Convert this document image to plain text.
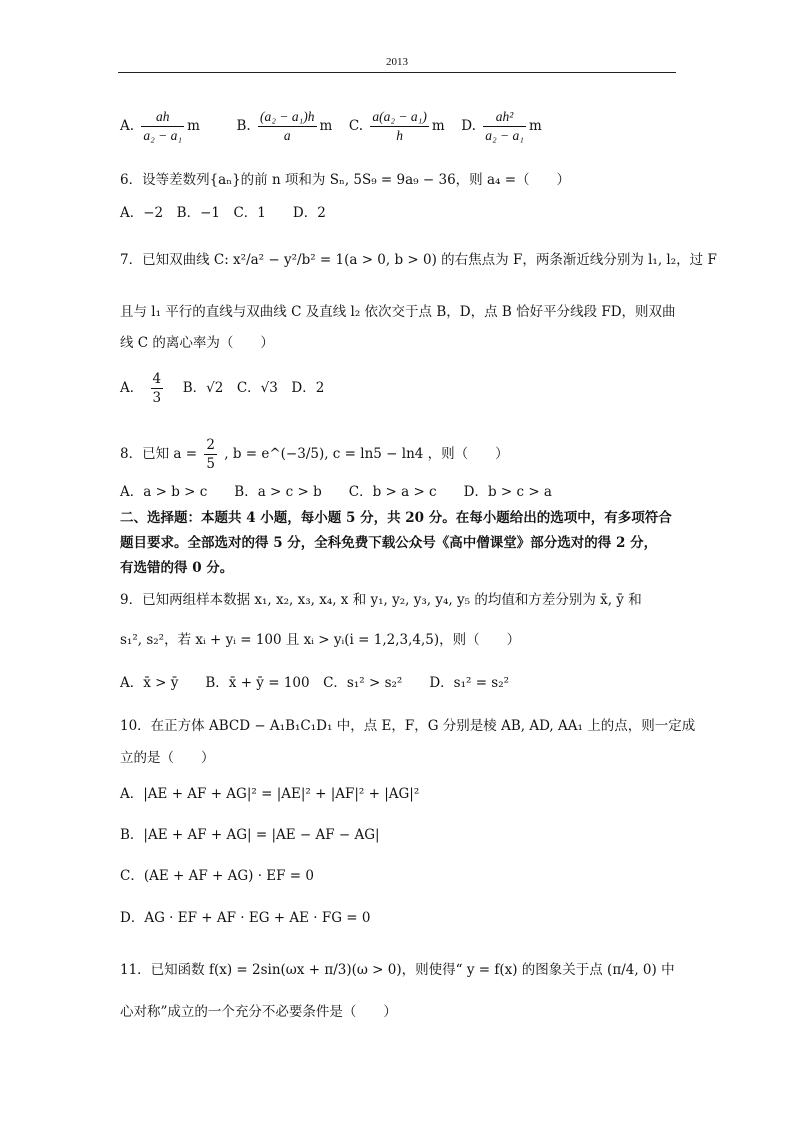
2013
A. $\frac{ah}{\text{a₂ − a₁}}$ m	B. $\frac{\text{(a₂ − a₁)h}}{a}$ m C. $\frac{\text{a(a₂ − a₁)}}{h}$ m D. $\frac{\text{ah²}}{\text{a₂ − a₁}}$ m
6．设等差数列{aₙ}的前 n 项和为 Sₙ, 5S₉ = 9a₉ − 36，则 a₄ =（　　）
A．−2　B．−1　C．1　　D．2
7．已知双曲线 C: x²/a² − y²/b² = 1(a > 0, b > 0) 的右焦点为 F，两条渐近线分别为 l₁, l₂，过 F
且与 l₁ 平行的直线与双曲线 C 及直线 l₂ 依次交于点 B，D，点 B 恰好平分线段 FD，则双曲
线 C 的离心率为（　　）
A． $\frac{4}{3}$ B．√2　C．√3　D．2
8．已知 $a = \frac{2}{5}$ , b = e^(−3/5), c = ln5 − ln4 ，则（　　）
A．a > b > c　　B．a > c > b　　C．b > a > c　　D．b > c > a
二、选择题：本题共 4 小题，每小题 5 分，共 20 分。在每小题给出的选项中，有多项符合
题目要求。全部选对的得 5 分，全科免费下载公众号《高中僧课堂》部分选对的得 2 分，
有选错的得 0 分。
9．已知两组样本数据 x₁, x₂, x₃, x₄, x 和 y₁, y₂, y₃, y₄, y₅ 的均值和方差分别为 x̄, ȳ 和
s₁², s₂²，若 xᵢ + yᵢ = 100 且 xᵢ > yᵢ(i = 1,2,3,4,5)，则（　　）
A．x̄ > ȳ　　B．x̄ + ȳ = 100　C．s₁² > s₂²　　D．s₁² = s₂²
10．在正方体 ABCD − A₁B₁C₁D₁ 中，点 E，F，G 分别是棱 AB, AD, AA₁ 上的点，则一定成
立的是（　　）
A．|AE + AF + AG|² = |AE|² + |AF|² + |AG|²
B．|AE + AF + AG| = |AE − AF − AG|
C．(AE + AF + AG) · EF = 0
D．AG · EF + AF · EG + AE · FG = 0
11．已知函数 f(x) = 2sin(ωx + π/3)(ω > 0)，则使得“ y = f(x) 的图象关于点 (π/4, 0) 中
心对称”成立的一个充分不必要条件是（　　）
